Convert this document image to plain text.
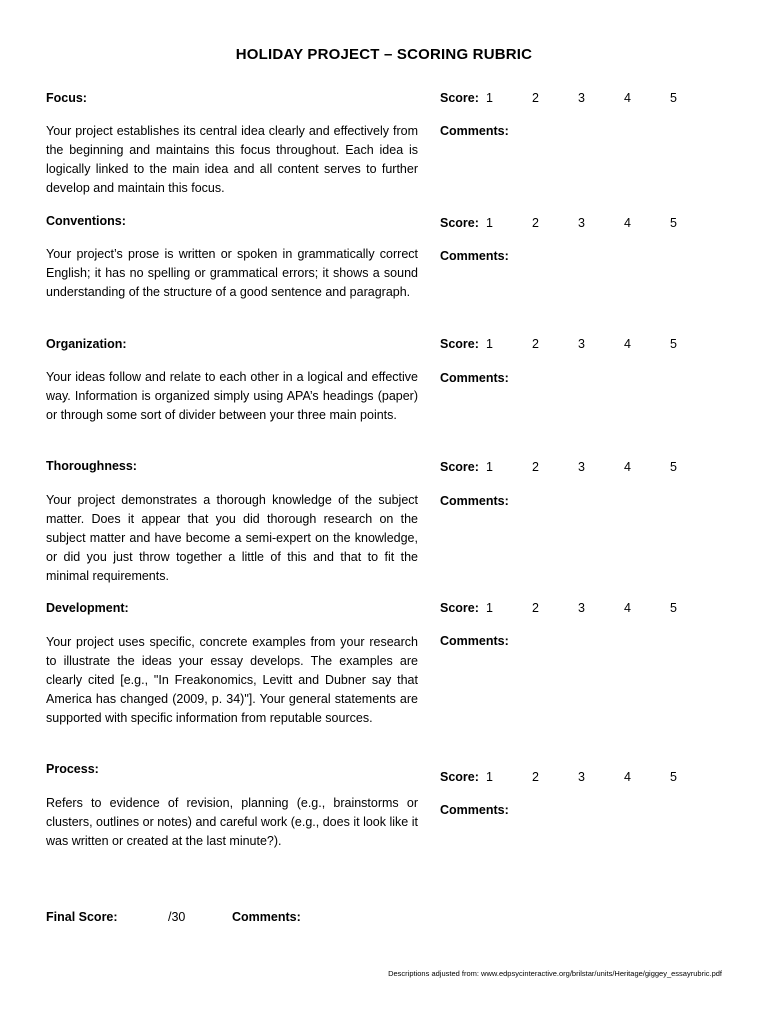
HOLIDAY PROJECT – SCORING RUBRIC
Focus:
Your project establishes its central idea clearly and effectively from the beginning and maintains this focus throughout. Each idea is logically linked to the main idea and all content serves to further develop and maintain this focus.
Score: 1	2	3	4	5
Comments:
Conventions:
Your project’s prose is written or spoken in grammatically correct English; it has no spelling or grammatical errors; it shows a sound understanding of the structure of a good sentence and paragraph.
Score: 1	2	3	4	5
Comments:
Organization:
Your ideas follow and relate to each other in a logical and effective way. Information is organized simply using APA’s headings (paper) or through some sort of divider between your three main points.
Score: 1	2	3	4	5
Comments:
Thoroughness:
Your project demonstrates a thorough knowledge of the subject matter. Does it appear that you did thorough research on the subject matter and have become a semi-expert on the knowledge, or did you just throw together a little of this and that to fit the minimal requirements.
Score: 1	2	3	4	5
Comments:
Development:
Your project uses specific, concrete examples from your research to illustrate the ideas your essay develops. The examples are clearly cited [e.g., "In Freakonomics, Levitt and Dubner say that America has changed (2009, p. 34)"]. Your general statements are supported with specific information from reputable sources.
Score: 1	2	3	4	5
Comments:
Process:
Refers to evidence of revision, planning (e.g., brainstorms or clusters, outlines or notes) and careful work (e.g., does it look like it was written or created at the last minute?).
Score: 1	2	3	4	5
Comments:
Final Score:	/30	Comments:
Descriptions adjusted from: www.edpsycinteractive.org/brilstar/units/Heritage/giggey_essayrubric.pdf
